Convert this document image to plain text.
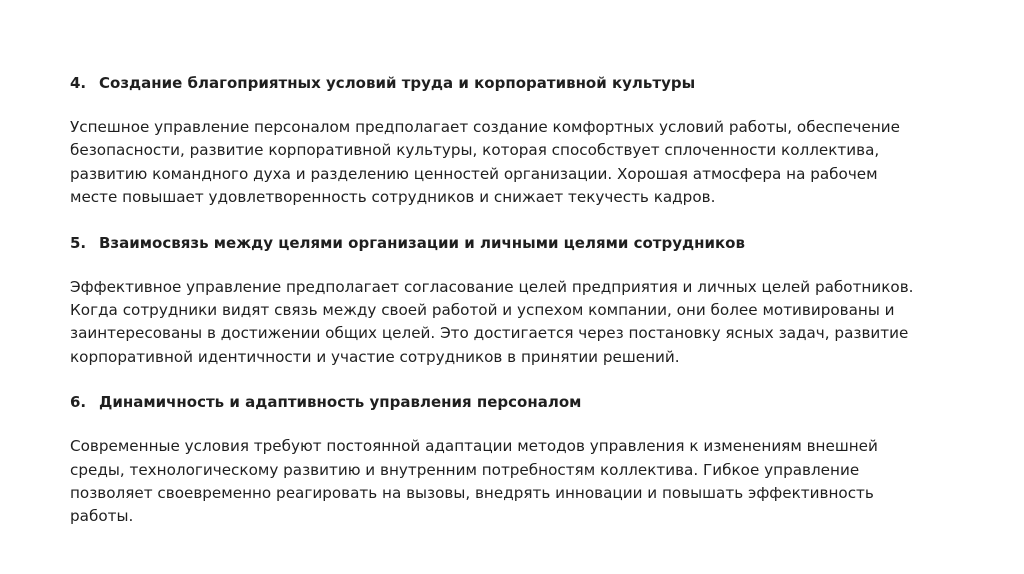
4. Создание благоприятных условий труда и корпоративной культуры
Успешное управление персоналом предполагает создание комфортных условий работы, обеспечение
безопасности, развитие корпоративной культуры, которая способствует сплоченности коллектива,
развитию командного духа и разделению ценностей организации. Хорошая атмосфера на рабочем
месте повышает удовлетворенность сотрудников и снижает текучесть кадров.
5. Взаимосвязь между целями организации и личными целями сотрудников
Эффективное управление предполагает согласование целей предприятия и личных целей работников.
Когда сотрудники видят связь между своей работой и успехом компании, они более мотивированы и
заинтересованы в достижении общих целей. Это достигается через постановку ясных задач, развитие
корпоративной идентичности и участие сотрудников в принятии решений.
6. Динамичность и адаптивность управления персоналом
Современные условия требуют постоянной адаптации методов управления к изменениям внешней
среды, технологическому развитию и внутренним потребностям коллектива. Гибкое управление
позволяет своевременно реагировать на вызовы, внедрять инновации и повышать эффективность
работы.
